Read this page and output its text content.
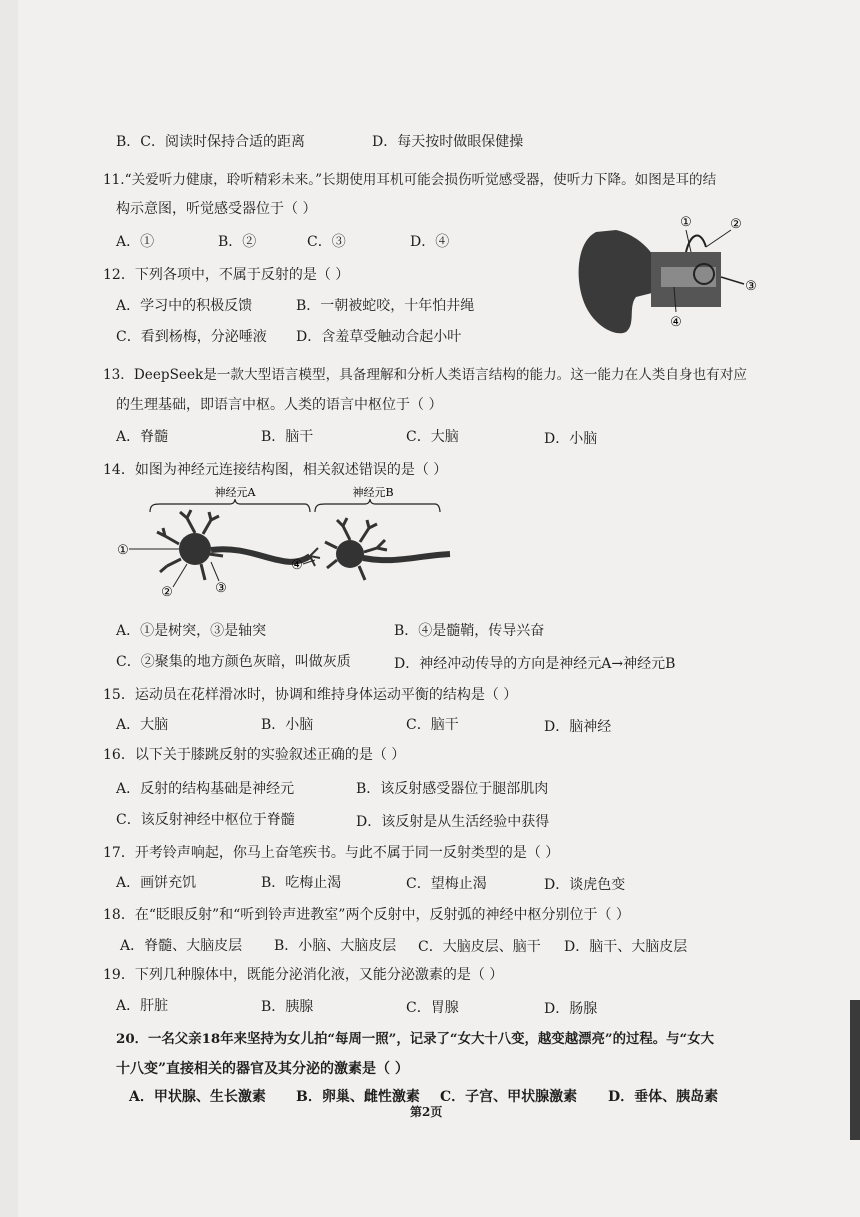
B．C．阅读时保持合适的距离	D．每天按时做眼保健操
11.“关爱听力健康，聆听精彩未来。”长期使用耳机可能会损伤听觉感受器，使听力下降。如图是耳的结
构示意图，听觉感受器位于（ ）
A．①	B．②	C．③	D．④
①	②
③
④
12．下列各项中，不属于反射的是（ ）
A．学习中的积极反馈	B．一朝被蛇咬，十年怕井绳
C．看到杨梅，分泌唾液 D．含羞草受触动合起小叶
13．DeepSeek是一款大型语言模型，具备理解和分析人类语言结构的能力。这一能力在人类自身也有对应
的生理基础，即语言中枢。人类的语言中枢位于（ ）
A．脊髓	B．脑干	C．大脑	D．小脑
14．如图为神经元连接结构图，相关叙述错误的是（ ）
神经元A	神经元B
①
②	③
④
A．①是树突，③是轴突	B．④是髓鞘，传导兴奋
C．②聚集的地方颜色灰暗，叫做灰质	D．神经冲动传导的方向是神经元A→神经元B
15．运动员在花样滑冰时，协调和维持身体运动平衡的结构是（ ）
A．大脑	B．小脑	C．脑干	D．脑神经
16．以下关于膝跳反射的实验叙述正确的是（ ）
A．反射的结构基础是神经元	B．该反射感受器位于腿部肌肉
C．该反射神经中枢位于脊髓	D．该反射是从生活经验中获得
17．开考铃声响起，你马上奋笔疾书。与此不属于同一反射类型的是（ ）
A．画饼充饥	B．吃梅止渴	C．望梅止渴	D．谈虎色变
18．在“眨眼反射”和“听到铃声进教室”两个反射中，反射弧的神经中枢分别位于（ ）
A．脊髓、大脑皮层 B．小脑、大脑皮层 C．大脑皮层、脑干 D．脑干、大脑皮层
19．下列几种腺体中，既能分泌消化液，又能分泌激素的是（ ）
A．肝脏	B．胰腺	C．胃腺	D．肠腺
20．一名父亲18年来坚持为女儿拍“每周一照”，记录了“女大十八变，越变越漂亮”的过程。与“女大
十八变”直接相关的器官及其分泌的激素是（ ）
A．甲状腺、生长激素 B．卵巢、雌性激素 C．子宫、甲状腺激素 D．垂体、胰岛素
第2页
